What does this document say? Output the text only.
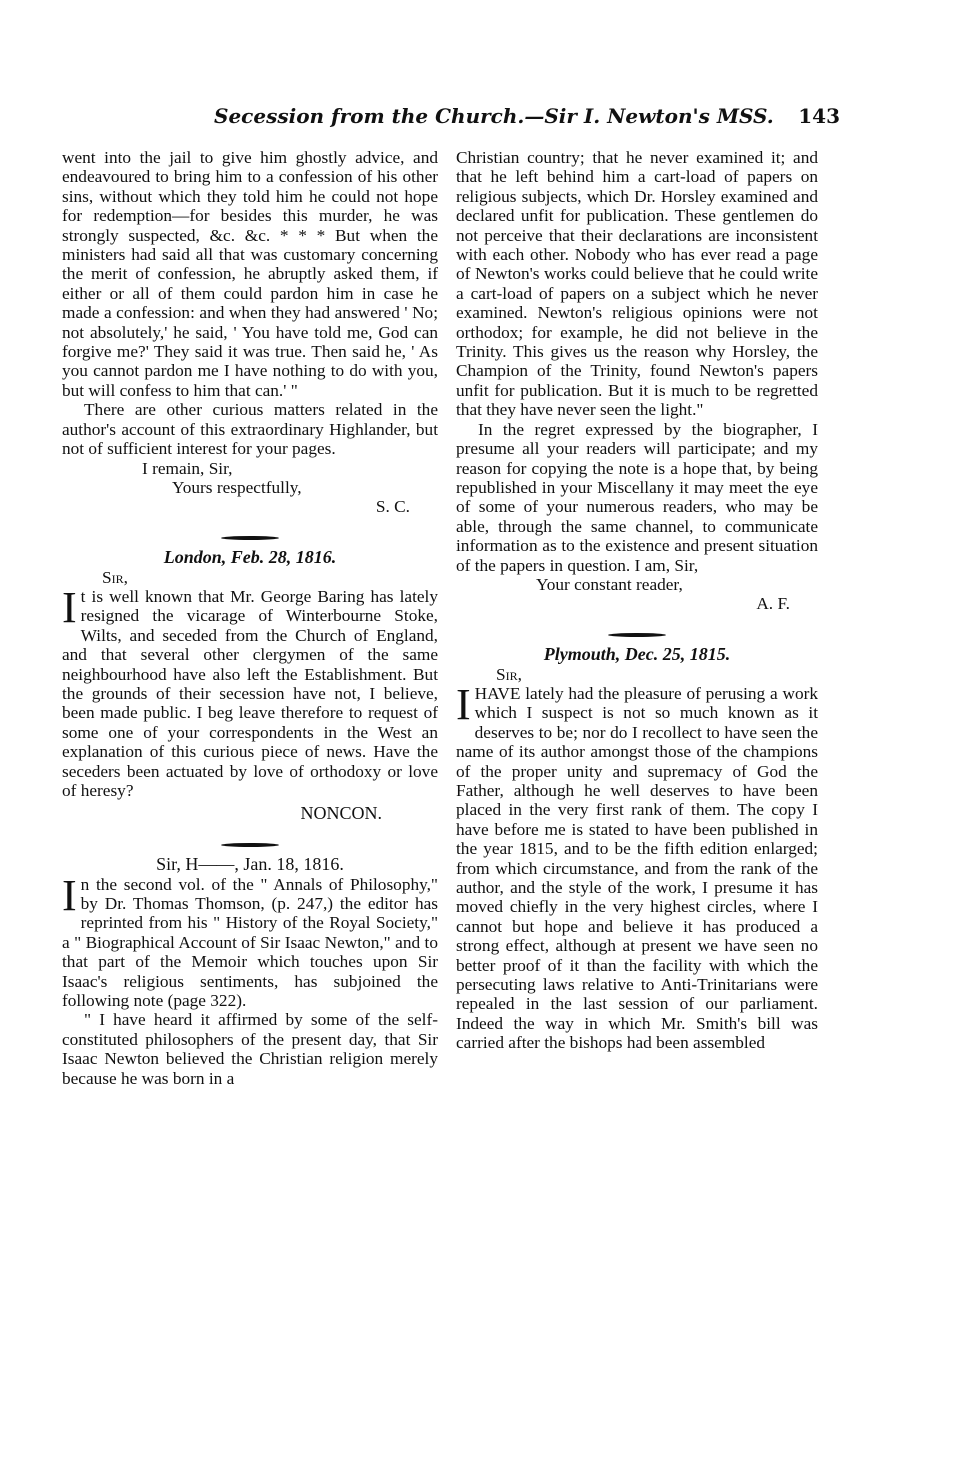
Secession from the Church.—Sir I. Newton's MSS. 143

went into the jail to give him ghostly advice, and endeavoured to bring him to a confession of his other sins, without which they told him he could not hope for redemption—for besides this murder, he was strongly suspected, &c. &c. * * * But when the ministers had said all that was customary concerning the merit of confession, he abruptly asked them, if either or all of them could pardon him in case he made a confession: and when they had answered ' No; not absolutely,' he said, ' You have told me, God can forgive me?' They said it was true. Then said he, ' As you cannot pardon me I have nothing to do with you, but will confess to him that can.' "

There are other curious matters related in the author's account of this extraordinary Highlander, but not of sufficient interest for your pages.

I remain, Sir,

Yours respectfully,

S. C.

London, Feb. 28, 1816.

Sir,

It is well known that Mr. George Baring has lately resigned the vicarage of Winterbourne Stoke, Wilts, and seceded from the Church of England, and that several other clergymen of the same neighbourhood have also left the Establishment. But the grounds of their secession have not, I believe, been made public. I beg leave therefore to request of some one of your correspondents in the West an explanation of this curious piece of news. Have the seceders been actuated by love of orthodoxy or love of heresy?

NONCON.

Sir, H——, Jan. 18, 1816.

In the second vol. of the " Annals of Philosophy," by Dr. Thomas Thomson, (p. 247,) the editor has reprinted from his " History of the Royal Society," a " Biographical Account of Sir Isaac Newton," and to that part of the Memoir which touches upon Sir Isaac's religious sentiments, has subjoined the following note (page 322).

" I have heard it affirmed by some of the self-constituted philosophers of the present day, that Sir Isaac Newton believed the Christian religion merely because he was born in a

Christian country; that he never examined it; and that he left behind him a cart-load of papers on religious subjects, which Dr. Horsley examined and declared unfit for publication. These gentlemen do not perceive that their declarations are inconsistent with each other. Nobody who has ever read a page of Newton's works could believe that he could write a cart-load of papers on a subject which he never examined. Newton's religious opinions were not orthodox; for example, he did not believe in the Trinity. This gives us the reason why Horsley, the Champion of the Trinity, found Newton's papers unfit for publication. But it is much to be regretted that they have never seen the light."

In the regret expressed by the biographer, I presume all your readers will participate; and my reason for copying the note is a hope that, by being republished in your Miscellany it may meet the eye of some of your numerous readers, who may be able, through the same channel, to communicate information as to the existence and present situation of the papers in question. I am, Sir,

Your constant reader,

A. F.

Plymouth, Dec. 25, 1815.

Sir,

IHAVE lately had the pleasure of perusing a work which I suspect is not so much known as it deserves to be; nor do I recollect to have seen the name of its author amongst those of the champions of the proper unity and supremacy of God the Father, although he well deserves to have been placed in the very first rank of them. The copy I have before me is stated to have been published in the year 1815, and to be the fifth edition enlarged; from which circumstance, and from the rank of the author, and the style of the work, I presume it has moved chiefly in the very highest circles, where I cannot but hope and believe it has produced a strong effect, although at present we have seen no better proof of it than the facility with which the persecuting laws relative to Anti-Trinitarians were repealed in the last session of our parliament. Indeed the way in which Mr. Smith's bill was carried after the bishops had been assembled
